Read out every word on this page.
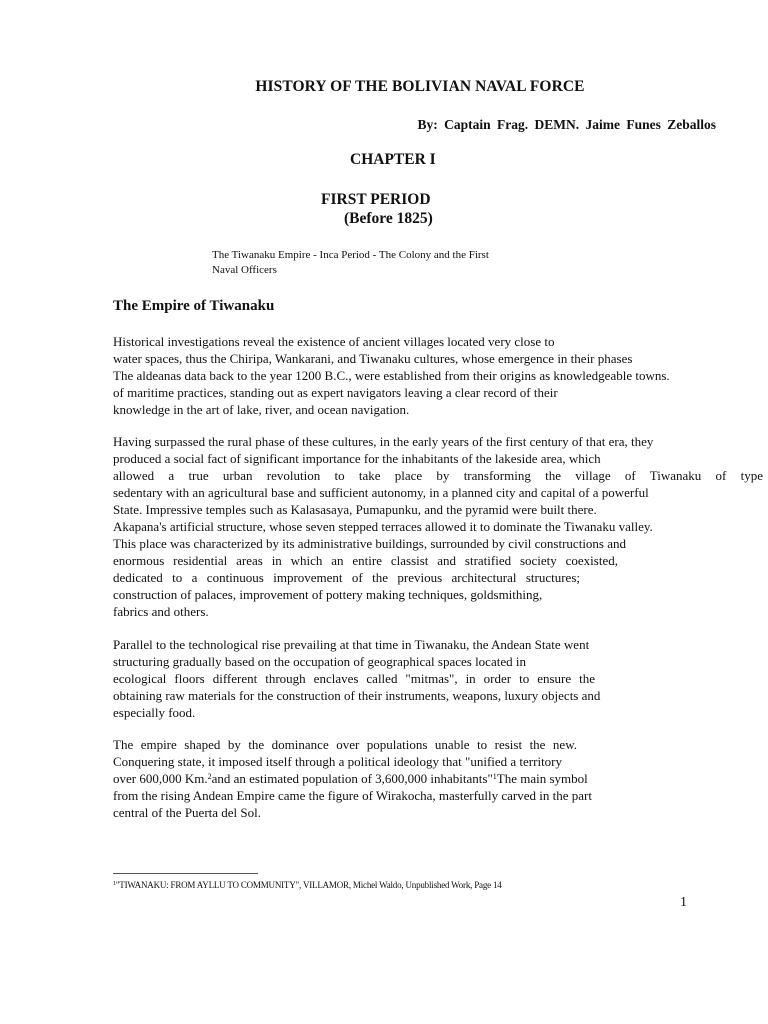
HISTORY OF THE BOLIVIAN NAVAL FORCE
By: Captain Frag. DEMN. Jaime Funes Zeballos
CHAPTER I
FIRST PERIOD
(Before 1825)
The Tiwanaku Empire - Inca Period - The Colony and the First
Naval Officers
The Empire of Tiwanaku
Historical investigations reveal the existence of ancient villages located very close to
water spaces, thus the Chiripa, Wankarani, and Tiwanaku cultures, whose emergence in their phases
The aldeanas data back to the year 1200 B.C., were established from their origins as knowledgeable towns.
of maritime practices, standing out as expert navigators leaving a clear record of their
knowledge in the art of lake, river, and ocean navigation.
Having surpassed the rural phase of these cultures, in the early years of the first century of that era, they
produced a social fact of significant importance for the inhabitants of the lakeside area, which
allowed a true urban revolution to take place by transforming the village of Tiwanaku of type
sedentary with an agricultural base and sufficient autonomy, in a planned city and capital of a powerful
State. Impressive temples such as Kalasasaya, Pumapunku, and the pyramid were built there.
Akapana's artificial structure, whose seven stepped terraces allowed it to dominate the Tiwanaku valley.
This place was characterized by its administrative buildings, surrounded by civil constructions and
enormous residential areas in which an entire classist and stratified society coexisted,
dedicated to a continuous improvement of the previous architectural structures;
construction of palaces, improvement of pottery making techniques, goldsmithing,
fabrics and others.
Parallel to the technological rise prevailing at that time in Tiwanaku, the Andean State went
structuring gradually based on the occupation of geographical spaces located in
ecological floors different through enclaves called "mitmas", in order to ensure the
obtaining raw materials for the construction of their instruments, weapons, luxury objects and
especially food.
The empire shaped by the dominance over populations unable to resist the new.
Conquering state, it imposed itself through a political ideology that "unified a territory
over 600,000 Km.$^2$and an estimated population of 3,600,000 inhabitants"$^1$The main symbol
from the rising Andean Empire came the figure of Wirakocha, masterfully carved in the part
central of the Puerta del Sol.
$^1$"TIWANAKU: FROM AYLLU TO COMMUNITY", VILLAMOR, Michel Waldo, Unpublished Work, Page 14
1
